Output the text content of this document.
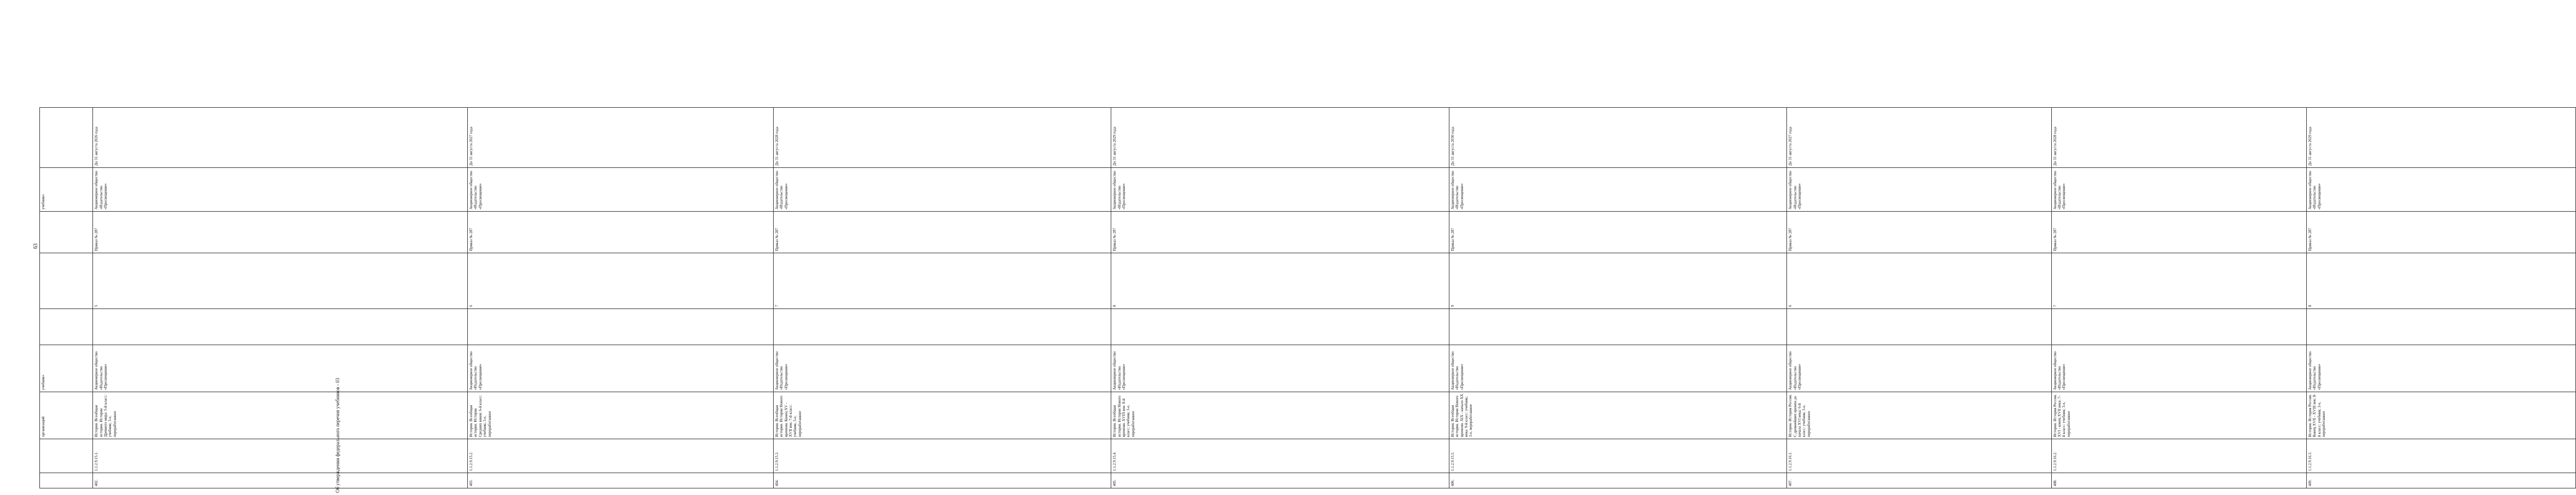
63
		организаций		учебник»				учебник»		
402.	1.1.2.9.15.1.	История. Всеобщая история. История Древнего мира: 5-й класс: учебник; 3-е, переработанное		Акционерное общество «Издательство «Просвещение»		5	Приказ № 287	Акционерное общество «Издательство «Просвещение»		До 31 августа 2026 года
403.	1.1.2.9.15.2.	История. Всеобщая история. История Средних веков: 6-й класс: учебник; 3-е, переработанное		Акционерное общество «Издательство «Просвещение»		6	Приказ № 287	Акционерное общество «Издательство «Просвещение»		До 31 августа 2027 года
404.	1.1.2.9.15.3.	История. Всеобщая история. История Нового времени. Конец XV - XVII век: 7-й класс: учебник; 3-е, переработанное		Акционерное общество «Издательство «Просвещение»		7	Приказ № 287	Акционерное общество «Издательство «Просвещение»		До 31 августа 2028 года
405.	1.1.2.9.15.4.	История. Всеобщая история. История Нового времени. XVIII век: 8-й класс: учебник; 3-е, переработанное		Акционерное общество «Издательство «Просвещение»		8	Приказ № 287	Акционерное общество «Издательство «Просвещение»		До 31 августа 2029 года
406.	1.1.2.9.15.5.	История. Всеобщая история. История Нового времени. XIX - начало XX века: 9-й класс: учебник; 3-е, переработанное		Акционерное общество «Издательство «Просвещение»		9	Приказ № 287	Акционерное общество «Издательство «Просвещение»		До 31 августа 2030 года
407.	1.1.2.9.16.1.	История. История России. С древнейших времен до начала XVI века: 6-й класс: учебник; 3-е, переработанное		Акционерное общество «Издательство «Просвещение»		6	Приказ № 287	Акционерное общество «Издательство «Просвещение»		До 31 августа 2027 года
408.	1.1.2.9.16.2.	История. История России. XVI - конец XVII века: 7-й класс: учебник; 3-е, переработанное		Акционерное общество «Издательство «Просвещение»		7	Приказ № 287	Акционерное общество «Издательство «Просвещение»		До 31 августа 2028 года
409.	1.1.2.9.16.3.	История. История России. Конец XVII - XVIII век: 8-й класс: учебник; 3-е, переработанное		Акционерное общество «Издательство «Просвещение»		8	Приказ № 287	Акционерное общество «Издательство «Просвещение»		До 31 августа 2029 года
Об утверждении федерального перечня учебников - 03
